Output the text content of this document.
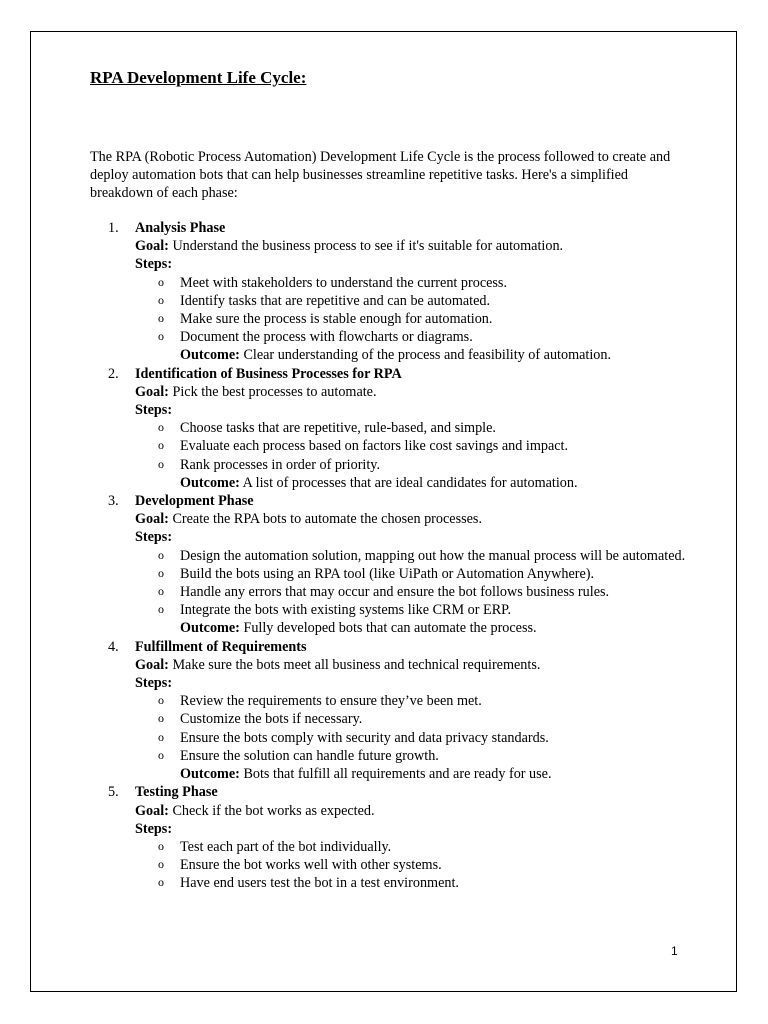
RPA Development Life Cycle:

The RPA (Robotic Process Automation) Development Life Cycle is the process followed to create and deploy automation bots that can help businesses streamline repetitive tasks. Here's a simplified breakdown of each phase:

1. Analysis Phase
Goal: Understand the business process to see if it's suitable for automation.
Steps:
o Meet with stakeholders to understand the current process.
o Identify tasks that are repetitive and can be automated.
o Make sure the process is stable enough for automation.
o Document the process with flowcharts or diagrams.
Outcome: Clear understanding of the process and feasibility of automation.
2. Identification of Business Processes for RPA
Goal: Pick the best processes to automate.
Steps:
o Choose tasks that are repetitive, rule-based, and simple.
o Evaluate each process based on factors like cost savings and impact.
o Rank processes in order of priority.
Outcome: A list of processes that are ideal candidates for automation.
3. Development Phase
Goal: Create the RPA bots to automate the chosen processes.
Steps:
o Design the automation solution, mapping out how the manual process will be automated.
o Build the bots using an RPA tool (like UiPath or Automation Anywhere).
o Handle any errors that may occur and ensure the bot follows business rules.
o Integrate the bots with existing systems like CRM or ERP.
Outcome: Fully developed bots that can automate the process.
4. Fulfillment of Requirements
Goal: Make sure the bots meet all business and technical requirements.
Steps:
o Review the requirements to ensure they’ve been met.
o Customize the bots if necessary.
o Ensure the bots comply with security and data privacy standards.
o Ensure the solution can handle future growth.
Outcome: Bots that fulfill all requirements and are ready for use.
5. Testing Phase
Goal: Check if the bot works as expected.
Steps:
o Test each part of the bot individually.
o Ensure the bot works well with other systems.
o Have end users test the bot in a test environment.
1
